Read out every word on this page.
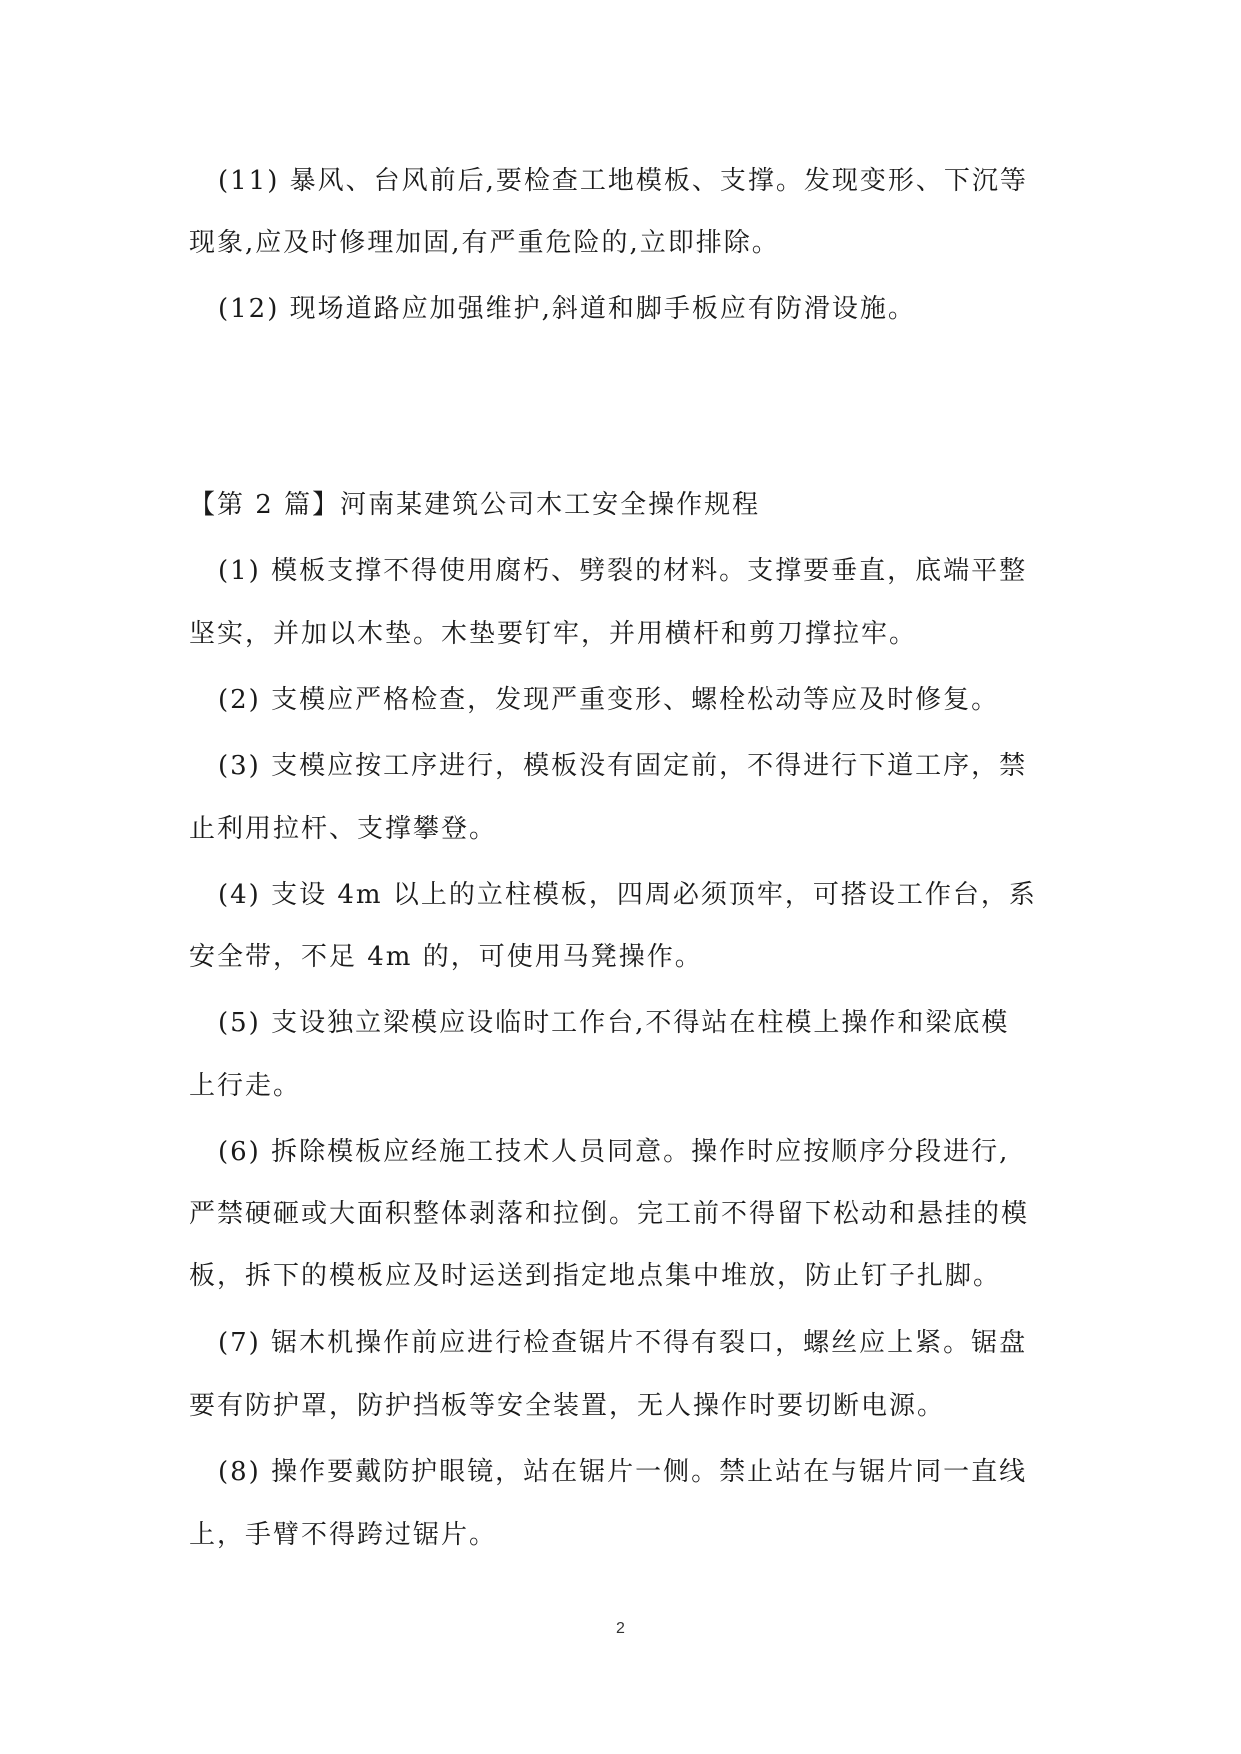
(11) 暴风、台风前后,要检查工地模板、支撑。发现变形、下沉等
现象,应及时修理加固,有严重危险的,立即排除。
(12) 现场道路应加强维护,斜道和脚手板应有防滑设施。
【第 2 篇】河南某建筑公司木工安全操作规程
(1) 模板支撑不得使用腐朽、劈裂的材料。支撑要垂直，底端平整
坚实，并加以木垫。木垫要钉牢，并用横杆和剪刀撑拉牢。
(2) 支模应严格检查，发现严重变形、螺栓松动等应及时修复。
(3) 支模应按工序进行，模板没有固定前，不得进行下道工序，禁
止利用拉杆、支撑攀登。
(4) 支设 4m 以上的立柱模板，四周必须顶牢，可搭设工作台，系
安全带，不足 4m 的，可使用马凳操作。
(5) 支设独立梁模应设临时工作台,不得站在柱模上操作和梁底模
上行走。
(6) 拆除模板应经施工技术人员同意。操作时应按顺序分段进行,
严禁硬砸或大面积整体剥落和拉倒。完工前不得留下松动和悬挂的模
板，拆下的模板应及时运送到指定地点集中堆放，防止钉子扎脚。
(7) 锯木机操作前应进行检查锯片不得有裂口，螺丝应上紧。锯盘
要有防护罩，防护挡板等安全装置，无人操作时要切断电源。
(8) 操作要戴防护眼镜，站在锯片一侧。禁止站在与锯片同一直线
上，手臂不得跨过锯片。
2
